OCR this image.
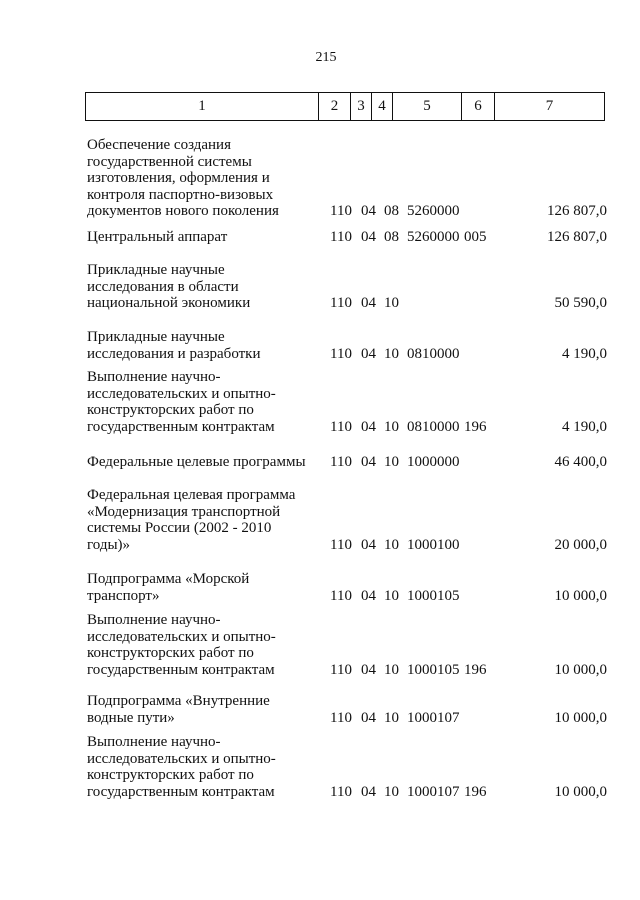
215
1	2	3 4	5	6	7
Обеспечение создания
государственной системы
изготовления, оформления и
контроля паспортно-визовых
документов нового поколения	110 04 08 5260000	126 807,0
Центральный аппарат	110 04 08 5260000 005	126 807,0
Прикладные научные
исследования в области
национальной экономики	110 04 10	50 590,0
Прикладные научные
исследования и разработки	110 04 10 0810000	4 190,0
Выполнение научно-
исследовательских и опытно-
конструкторских работ по
государственным контрактам	110 04 10 0810000 196	4 190,0
Федеральные целевые программы	110 04 10 1000000	46 400,0
Федеральная целевая программа
«Модернизация транспортной
системы России (2002 - 2010
годы)»	110 04 10 1000100	20 000,0
Подпрограмма «Морской
транспорт»	110 04 10 1000105	10 000,0
Выполнение научно-
исследовательских и опытно-
конструкторских работ по
государственным контрактам	110 04 10 1000105 196	10 000,0
Подпрограмма «Внутренние
водные пути»	110 04 10 1000107	10 000,0
Выполнение научно-
исследовательских и опытно-
конструкторских работ по
государственным контрактам	110 04 10 1000107 196	10 000,0
